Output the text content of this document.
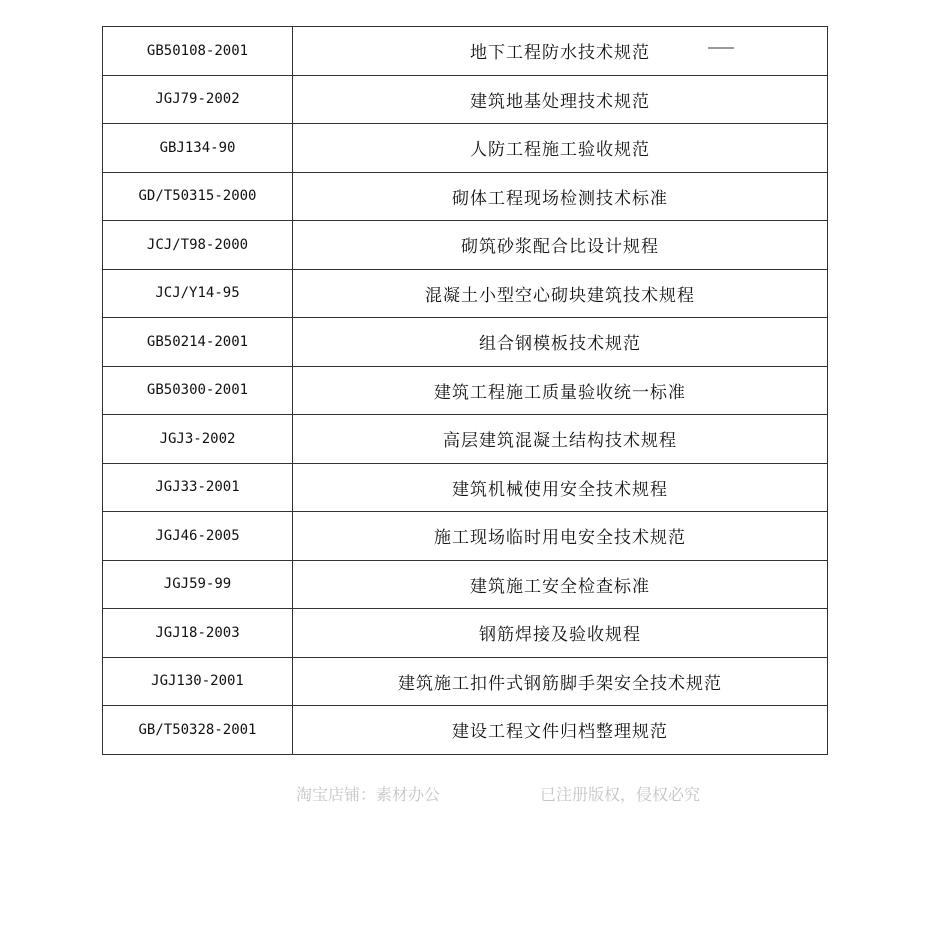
GB50108-2001	地下工程防水技术规范
JGJ79-2002	建筑地基处理技术规范
GBJ134-90	人防工程施工验收规范
GD/T50315-2000	砌体工程现场检测技术标准
JCJ/T98-2000	砌筑砂浆配合比设计规程
JCJ/Y14-95	混凝土小型空心砌块建筑技术规程
GB50214-2001	组合钢模板技术规范
GB50300-2001	建筑工程施工质量验收统一标准
JGJ3-2002	高层建筑混凝土结构技术规程
JGJ33-2001	建筑机械使用安全技术规程
JGJ46-2005	施工现场临时用电安全技术规范
JGJ59-99	建筑施工安全检查标准
JGJ18-2003	钢筋焊接及验收规程
JGJ130-2001	建筑施工扣件式钢筋脚手架安全技术规范
GB/T50328-2001	建设工程文件归档整理规范
淘宝店铺：素材办公	已注册版权，侵权必究
